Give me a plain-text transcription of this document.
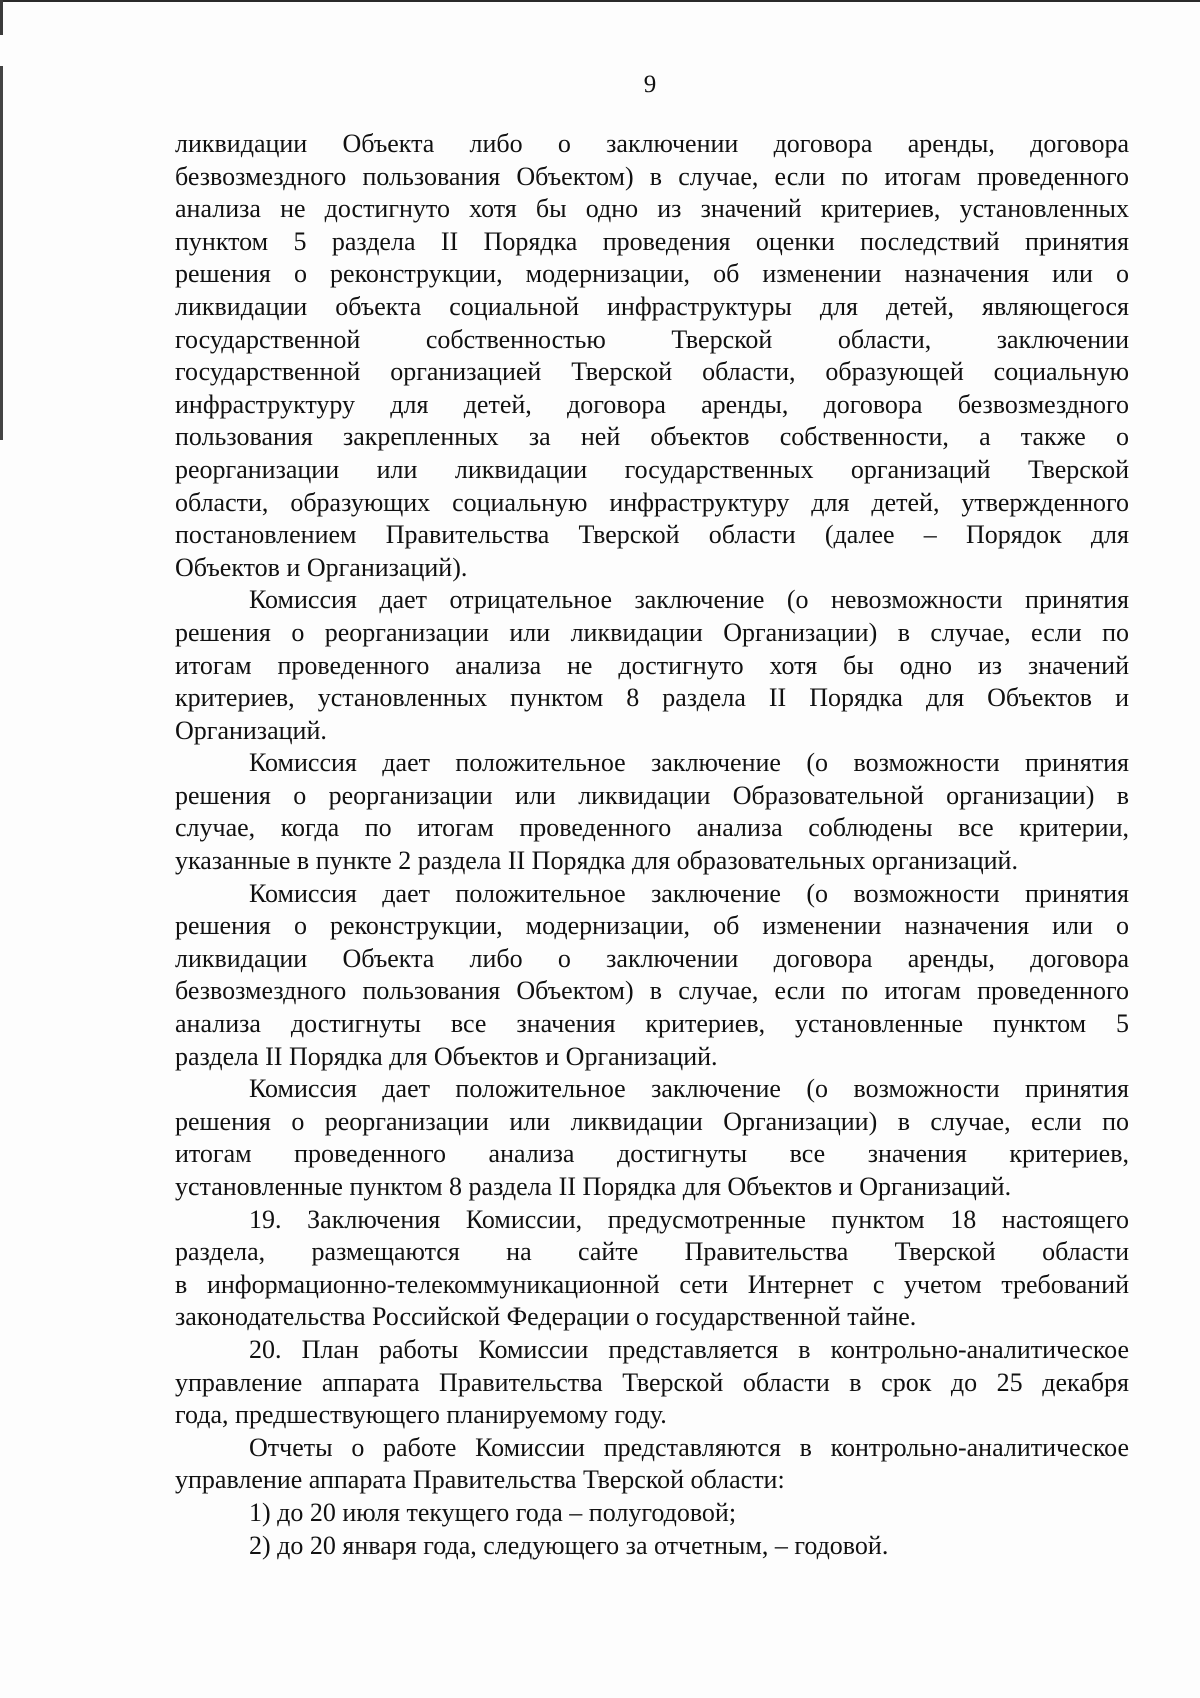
9
ликвидации Объекта либо о заключении договора аренды, договора
безвозмездного пользования Объектом) в случае, если по итогам проведенного
анализа не достигнуто хотя бы одно из значений критериев, установленных
пунктом 5 раздела II Порядка проведения оценки последствий принятия
решения о реконструкции, модернизации, об изменении назначения или о
ликвидации объекта социальной инфраструктуры для детей, являющегося
государственной собственностью Тверской области, заключении
государственной организацией Тверской области, образующей социальную
инфраструктуру для детей, договора аренды, договора безвозмездного
пользования закрепленных за ней объектов собственности, а также о
реорганизации или ликвидации государственных организаций Тверской
области, образующих социальную инфраструктуру для детей, утвержденного
постановлением Правительства Тверской области (далее – Порядок для
Объектов и Организаций).
Комиссия дает отрицательное заключение (о невозможности принятия
решения о реорганизации или ликвидации Организации) в случае, если по
итогам проведенного анализа не достигнуто хотя бы одно из значений
критериев, установленных пунктом 8 раздела II Порядка для Объектов и
Организаций.
Комиссия дает положительное заключение (о возможности принятия
решения о реорганизации или ликвидации Образовательной организации) в
случае, когда по итогам проведенного анализа соблюдены все критерии,
указанные в пункте 2 раздела II Порядка для образовательных организаций.
Комиссия дает положительное заключение (о возможности принятия
решения о реконструкции, модернизации, об изменении назначения или о
ликвидации Объекта либо о заключении договора аренды, договора
безвозмездного пользования Объектом) в случае, если по итогам проведенного
анализа достигнуты все значения критериев, установленные пунктом 5
раздела II Порядка для Объектов и Организаций.
Комиссия дает положительное заключение (о возможности принятия
решения о реорганизации или ликвидации Организации) в случае, если по
итогам проведенного анализа достигнуты все значения критериев,
установленные пунктом 8 раздела II Порядка для Объектов и Организаций.
19. Заключения Комиссии, предусмотренные пунктом 18 настоящего
раздела, размещаются на сайте Правительства Тверской области
в информационно-телекоммуникационной сети Интернет с учетом требований
законодательства Российской Федерации о государственной тайне.
20. План работы Комиссии представляется в контрольно-аналитическое
управление аппарата Правительства Тверской области в срок до 25 декабря
года, предшествующего планируемому году.
Отчеты о работе Комиссии представляются в контрольно-аналитическое
управление аппарата Правительства Тверской области:
1) до 20 июля текущего года – полугодовой;
2) до 20 января года, следующего за отчетным, – годовой.
